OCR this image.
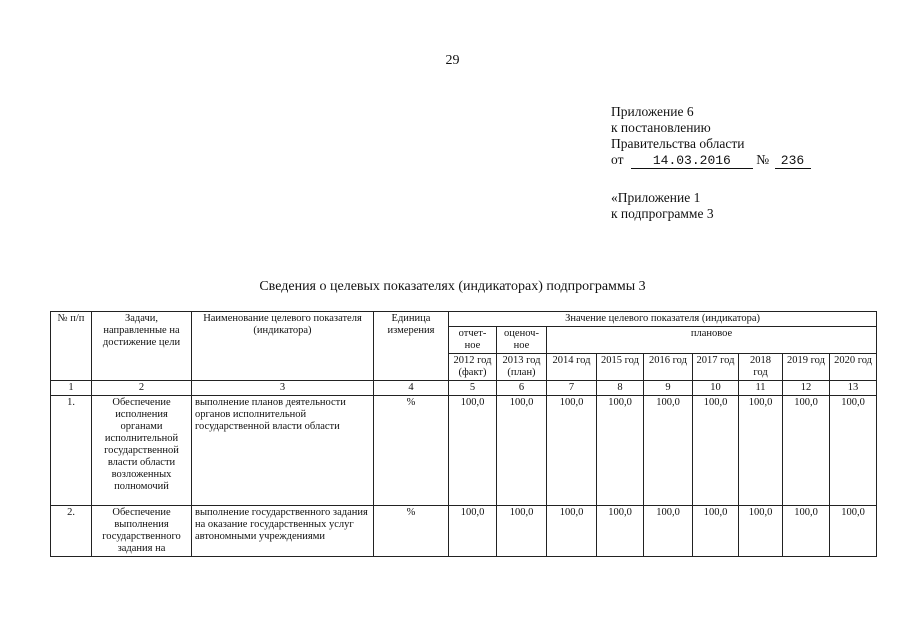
29
Приложение 6
к постановлению
Правительства области
от 14.03.2016 № 236
«Приложение 1
к подпрограмме 3
Сведения о целевых показателях (индикаторах) подпрограммы 3
№ п/п	Задачи, направленные на достижение цели	Наименование целевого показателя (индикатора)	Единица измерения	Значение целевого показателя (индикатора)								
				отчет-ное	оценоч-ное	плановое						
				2012 год (факт)	2013 год (план)	2014 год	2015 год	2016 год	2017 год	2018 год	2019 год	2020 год
1	2	3	4	5	6	7	8	9	10	11	12	13
1.	Обеспечение исполнения органами исполнительной государственной власти области возложенных полномочий	выполнение планов деятельности органов исполнительной государственной власти области	%	100,0	100,0	100,0	100,0	100,0	100,0	100,0	100,0	100,0
2.	Обеспечение выполнения государственного задания на	выполнение государственного задания на оказание государственных услуг автономными учреждениями	%	100,0	100,0	100,0	100,0	100,0	100,0	100,0	100,0	100,0
